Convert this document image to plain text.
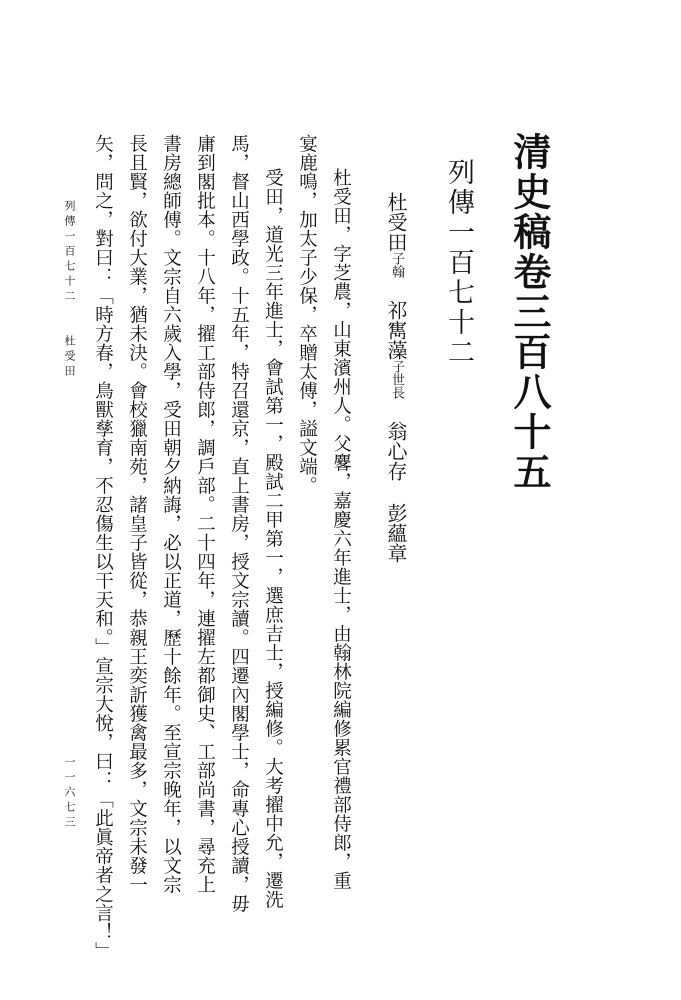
清史稿卷三百八十五
列傳一百七十二
杜受田子翰祁寯藻子世長翁心存彭蘊章
杜受田，字芝農，山東濱州人。父𪊲，嘉慶六年進士，由翰林院編修累官禮部侍郎，重
宴鹿鳴，加太子少保，卒贈太傅，謚文端。
受田，道光三年進士，會試第一，殿試二甲第一，選庶吉士，授編修。大考擢中允，遷洗
馬，督山西學政。十五年，特召還京，直上書房，授文宗讀。四遷內閣學士，命專心授讀，毋
庸到閣批本。十八年，擢工部侍郎，調戶部。二十四年，連擢左都御史、工部尚書，尋充上
書房總師傅。文宗自六歲入學，受田朝夕納誨，必以正道，歷十餘年。至宣宗晚年，以文宗
長且賢，欲付大業，猶未決。會校獵南苑，諸皇子皆從，恭親王奕訢獲禽最多，文宗未發一
矢，問之，對曰：「時方春，鳥獸孳育，不忍傷生以干天和。」宣宗大悅，曰：「此眞帝者之言！」
列傳一百七十二杜受田
一一六七三
